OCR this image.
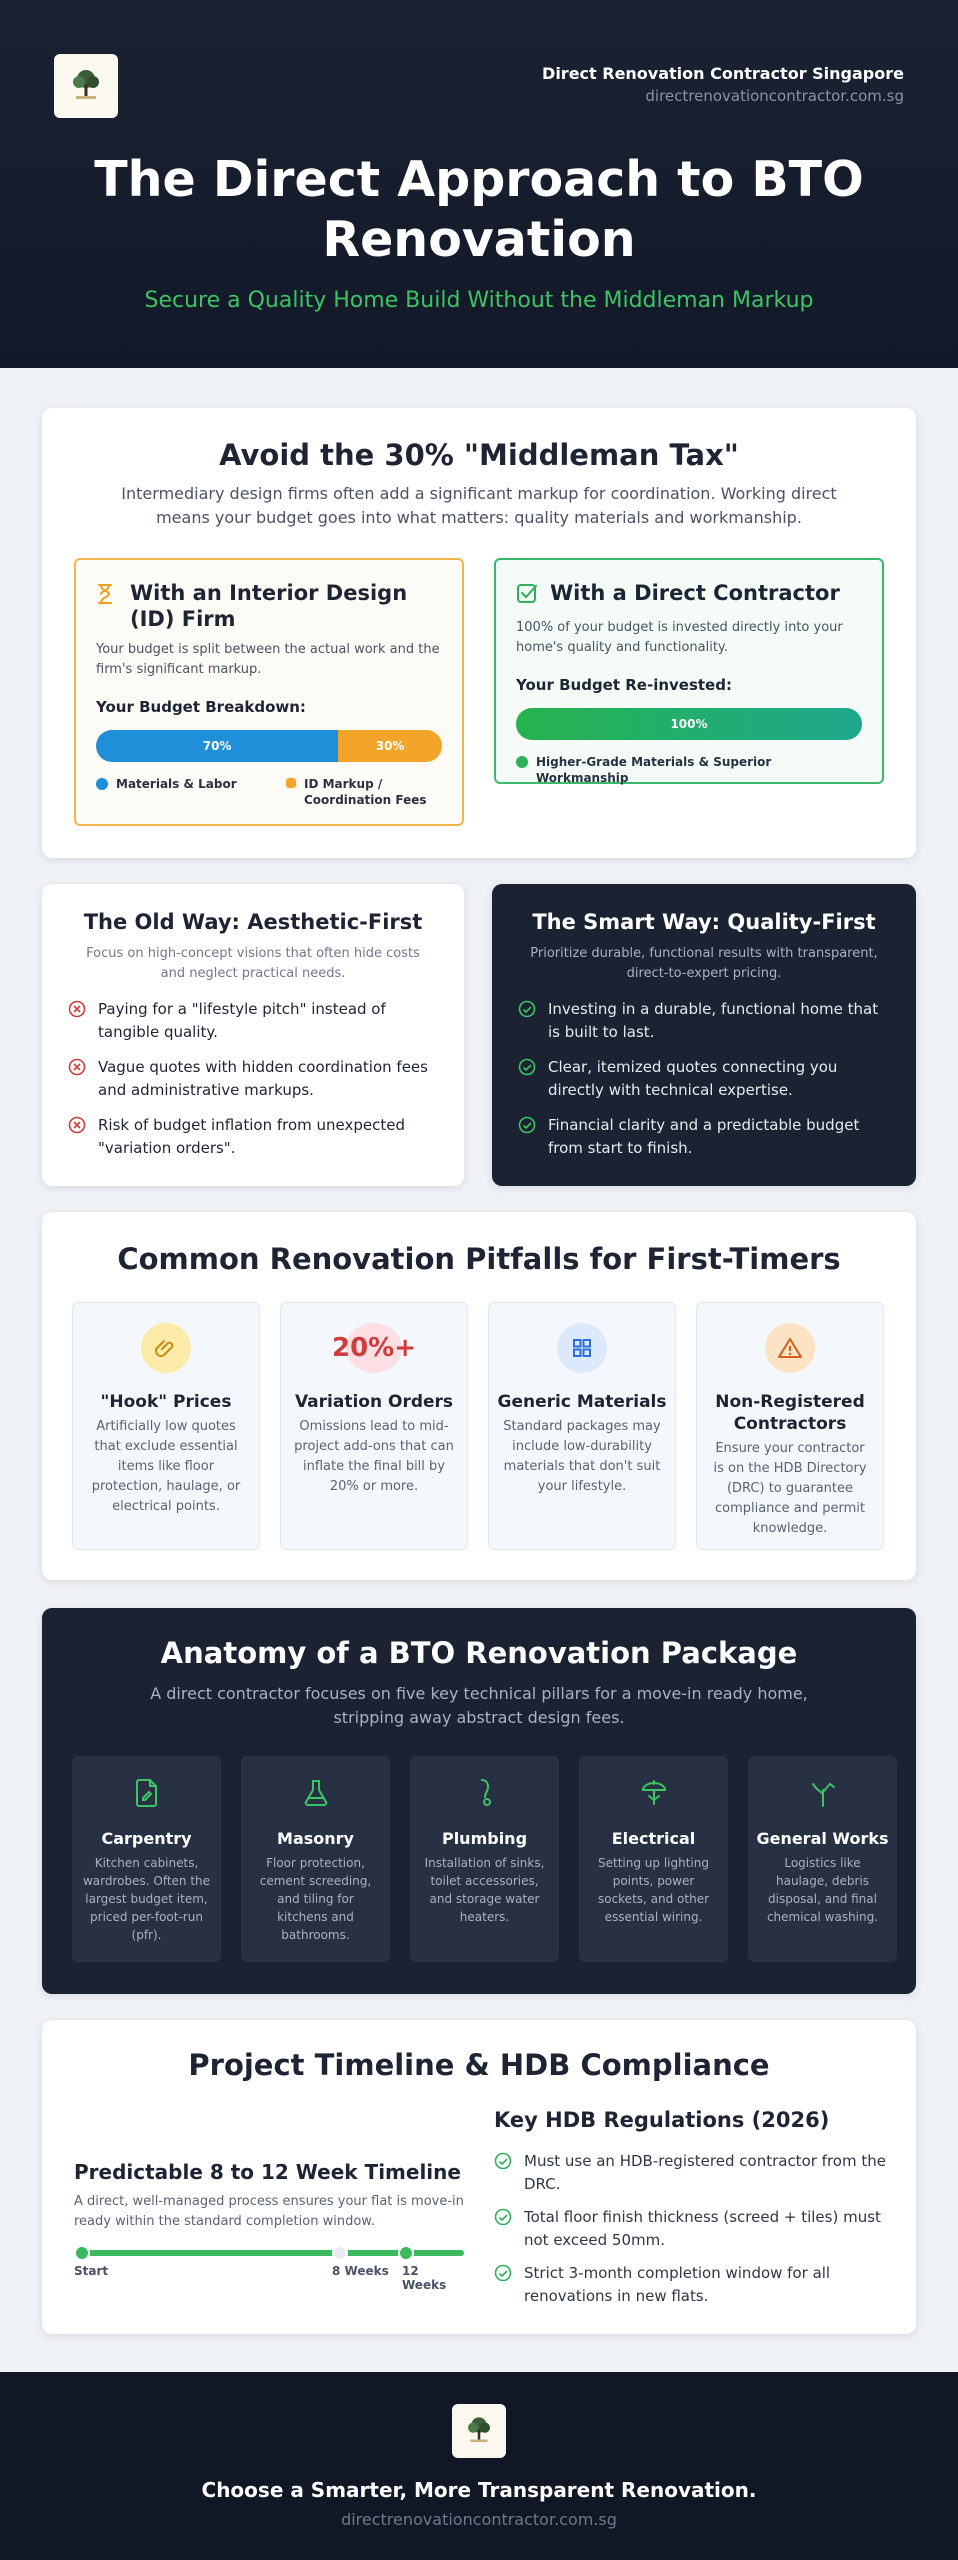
Direct Renovation Contractor Singapore
directrenovationcontractor.com.sg
The Direct Approach to BTO Renovation
Secure a Quality Home Build Without the Middleman Markup
Avoid the 30% "Middleman Tax"
Intermediary design firms often add a significant markup for coordination. Working direct means your budget goes into what matters: quality materials and workmanship.
With an Interior Design (ID) Firm

Your budget is split between the actual work and the firm's significant markup.

Your Budget Breakdown:
70%	30%
Materials & Labor	ID Markup / Coordination Fees
With a Direct Contractor

100% of your budget is invested directly into your home's quality and functionality.

Your Budget Re-invested:
100%
Higher-Grade Materials & Superior Workmanship
The Old Way: Aesthetic-First
Focus on high-concept visions that often hide costs and neglect practical needs.
Paying for a "lifestyle pitch" instead of tangible quality.
Vague quotes with hidden coordination fees and administrative markups.
Risk of budget inflation from unexpected "variation orders".
The Smart Way: Quality-First
Prioritize durable, functional results with transparent, direct-to-expert pricing.
Investing in a durable, functional home that is built to last.
Clear, itemized quotes connecting you directly with technical expertise.
Financial clarity and a predictable budget from start to finish.
Common Renovation Pitfalls for First-Timers
"Hook" Prices

Artificially low quotes that exclude essential items like floor protection, haulage, or electrical points.

20%+
Variation Orders

Omissions lead to mid-project add-ons that can inflate the final bill by 20% or more.

Generic Materials

Standard packages may include low-durability materials that don't suit your lifestyle.

Non-Registered Contractors

Ensure your contractor is on the HDB Directory (DRC) to guarantee compliance and permit knowledge.

Anatomy of a BTO Renovation Package
A direct contractor focuses on five key technical pillars for a move-in ready home, stripping away abstract design fees.
Carpentry

Kitchen cabinets, wardrobes. Often the largest budget item, priced per-foot-run (pfr).

Masonry

Floor protection, cement screeding, and tiling for kitchens and bathrooms.

Plumbing

Installation of sinks, toilet accessories, and storage water heaters.

Electrical

Setting up lighting points, power sockets, and other essential wiring.

General Works

Logistics like haulage, debris disposal, and final chemical washing.

Project Timeline & HDB Compliance
Predictable 8 to 12 Week Timeline

A direct, well-managed process ensures your flat is move-in ready within the standard completion window.

Start	8 Weeks 12 Weeks
Key HDB Regulations (2026)
Must use an HDB-registered contractor from the DRC.
Total floor finish thickness (screed + tiles) must not exceed 50mm.
Strict 3-month completion window for all renovations in new flats.
Choose a Smarter, More Transparent Renovation.
directrenovationcontractor.com.sg
